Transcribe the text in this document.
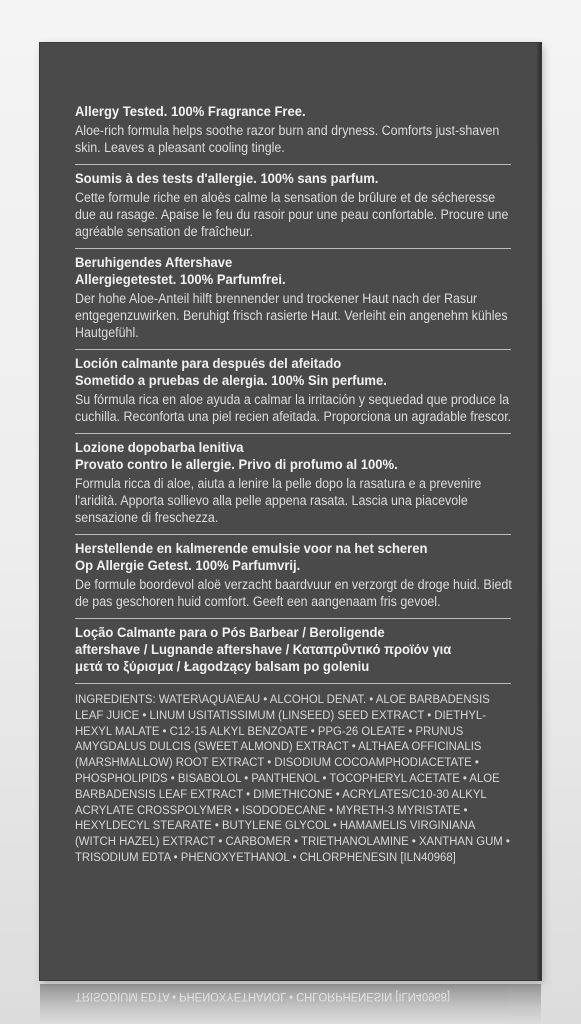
Allergy Tested. 100% Fragrance Free.
Aloe-rich formula helps soothe razor burn and dryness. Comforts just-shaven skin. Leaves a pleasant cooling tingle.
Soumis à des tests d'allergie. 100% sans parfum.
Cette formule riche en aloès calme la sensation de brûlure et de sécheresse due au rasage. Apaise le feu du rasoir pour une peau confortable. Procure une agréable sensation de fraîcheur.
Beruhigendes Aftershave
Allergiegetestet. 100% Parfumfrei.
Der hohe Aloe-Anteil hilft brennender und trockener Haut nach der Rasur entgegenzuwirken. Beruhigt frisch rasierte Haut. Verleiht ein angenehm kühles Hautgefühl.
Loción calmante para después del afeitado
Sometido a pruebas de alergia. 100% Sin perfume.
Su fórmula rica en aloe ayuda a calmar la irritación y sequedad que produce la cuchilla. Reconforta una piel recien afeitada. Proporciona un agradable frescor.
Lozione dopobarba lenitiva
Provato contro le allergie. Privo di profumo al 100%.
Formula ricca di aloe, aiuta a lenire la pelle dopo la rasatura e a prevenire l'aridità. Apporta sollievo alla pelle appena rasata. Lascia una piacevole sensazione di freschezza.
Herstellende en kalmerende emulsie voor na het scheren
Op Allergie Getest. 100% Parfumvrij.
De formule boordevol aloë verzacht baardvuur en verzorgt de droge huid. Biedt de pas geschoren huid comfort. Geeft een aangenaam fris gevoel.
Loção Calmante para o Pós Barbear / Beroligende
aftershave / Lugnande aftershave / Καταπρΰντικό προϊόν για
μετά το ξύρισμα / Łagodzący balsam po goleniu
INGREDIENTS: WATER\AQUA\EAU • ALCOHOL DENAT. • ALOE BARBADENSIS LEAF JUICE • LINUM USITATISSIMUM (LINSEED) SEED EXTRACT • DIETHYL-HEXYL MALATE • C12-15 ALKYL BENZOATE • PPG-26 OLEATE • PRUNUS AMYGDALUS DULCIS (SWEET ALMOND) EXTRACT • ALTHAEA OFFICINALIS (MARSHMALLOW) ROOT EXTRACT • DISODIUM COCOAMPHODIACETATE • PHOSPHOLIPIDS • BISABOLOL • PANTHENOL • TOCOPHERYL ACETATE • ALOE BARBADENSIS LEAF EXTRACT • DIMETHICONE • ACRYLATES/C10-30 ALKYL ACRYLATE CROSSPOLYMER • ISODODECANE • MYRETH-3 MYRISTATE • HEXYLDECYL STEARATE • BUTYLENE GLYCOL • HAMAMELIS VIRGINIANA (WITCH HAZEL) EXTRACT • CARBOMER • TRIETHANOLAMINE • XANTHAN GUM • TRISODIUM EDTA • PHENOXYETHANOL • CHLORPHENESIN [ILN40968]
TRISODIUM EDTA • PHENOXYETHANOL • CHLORPHENESIN [ILN40968]
